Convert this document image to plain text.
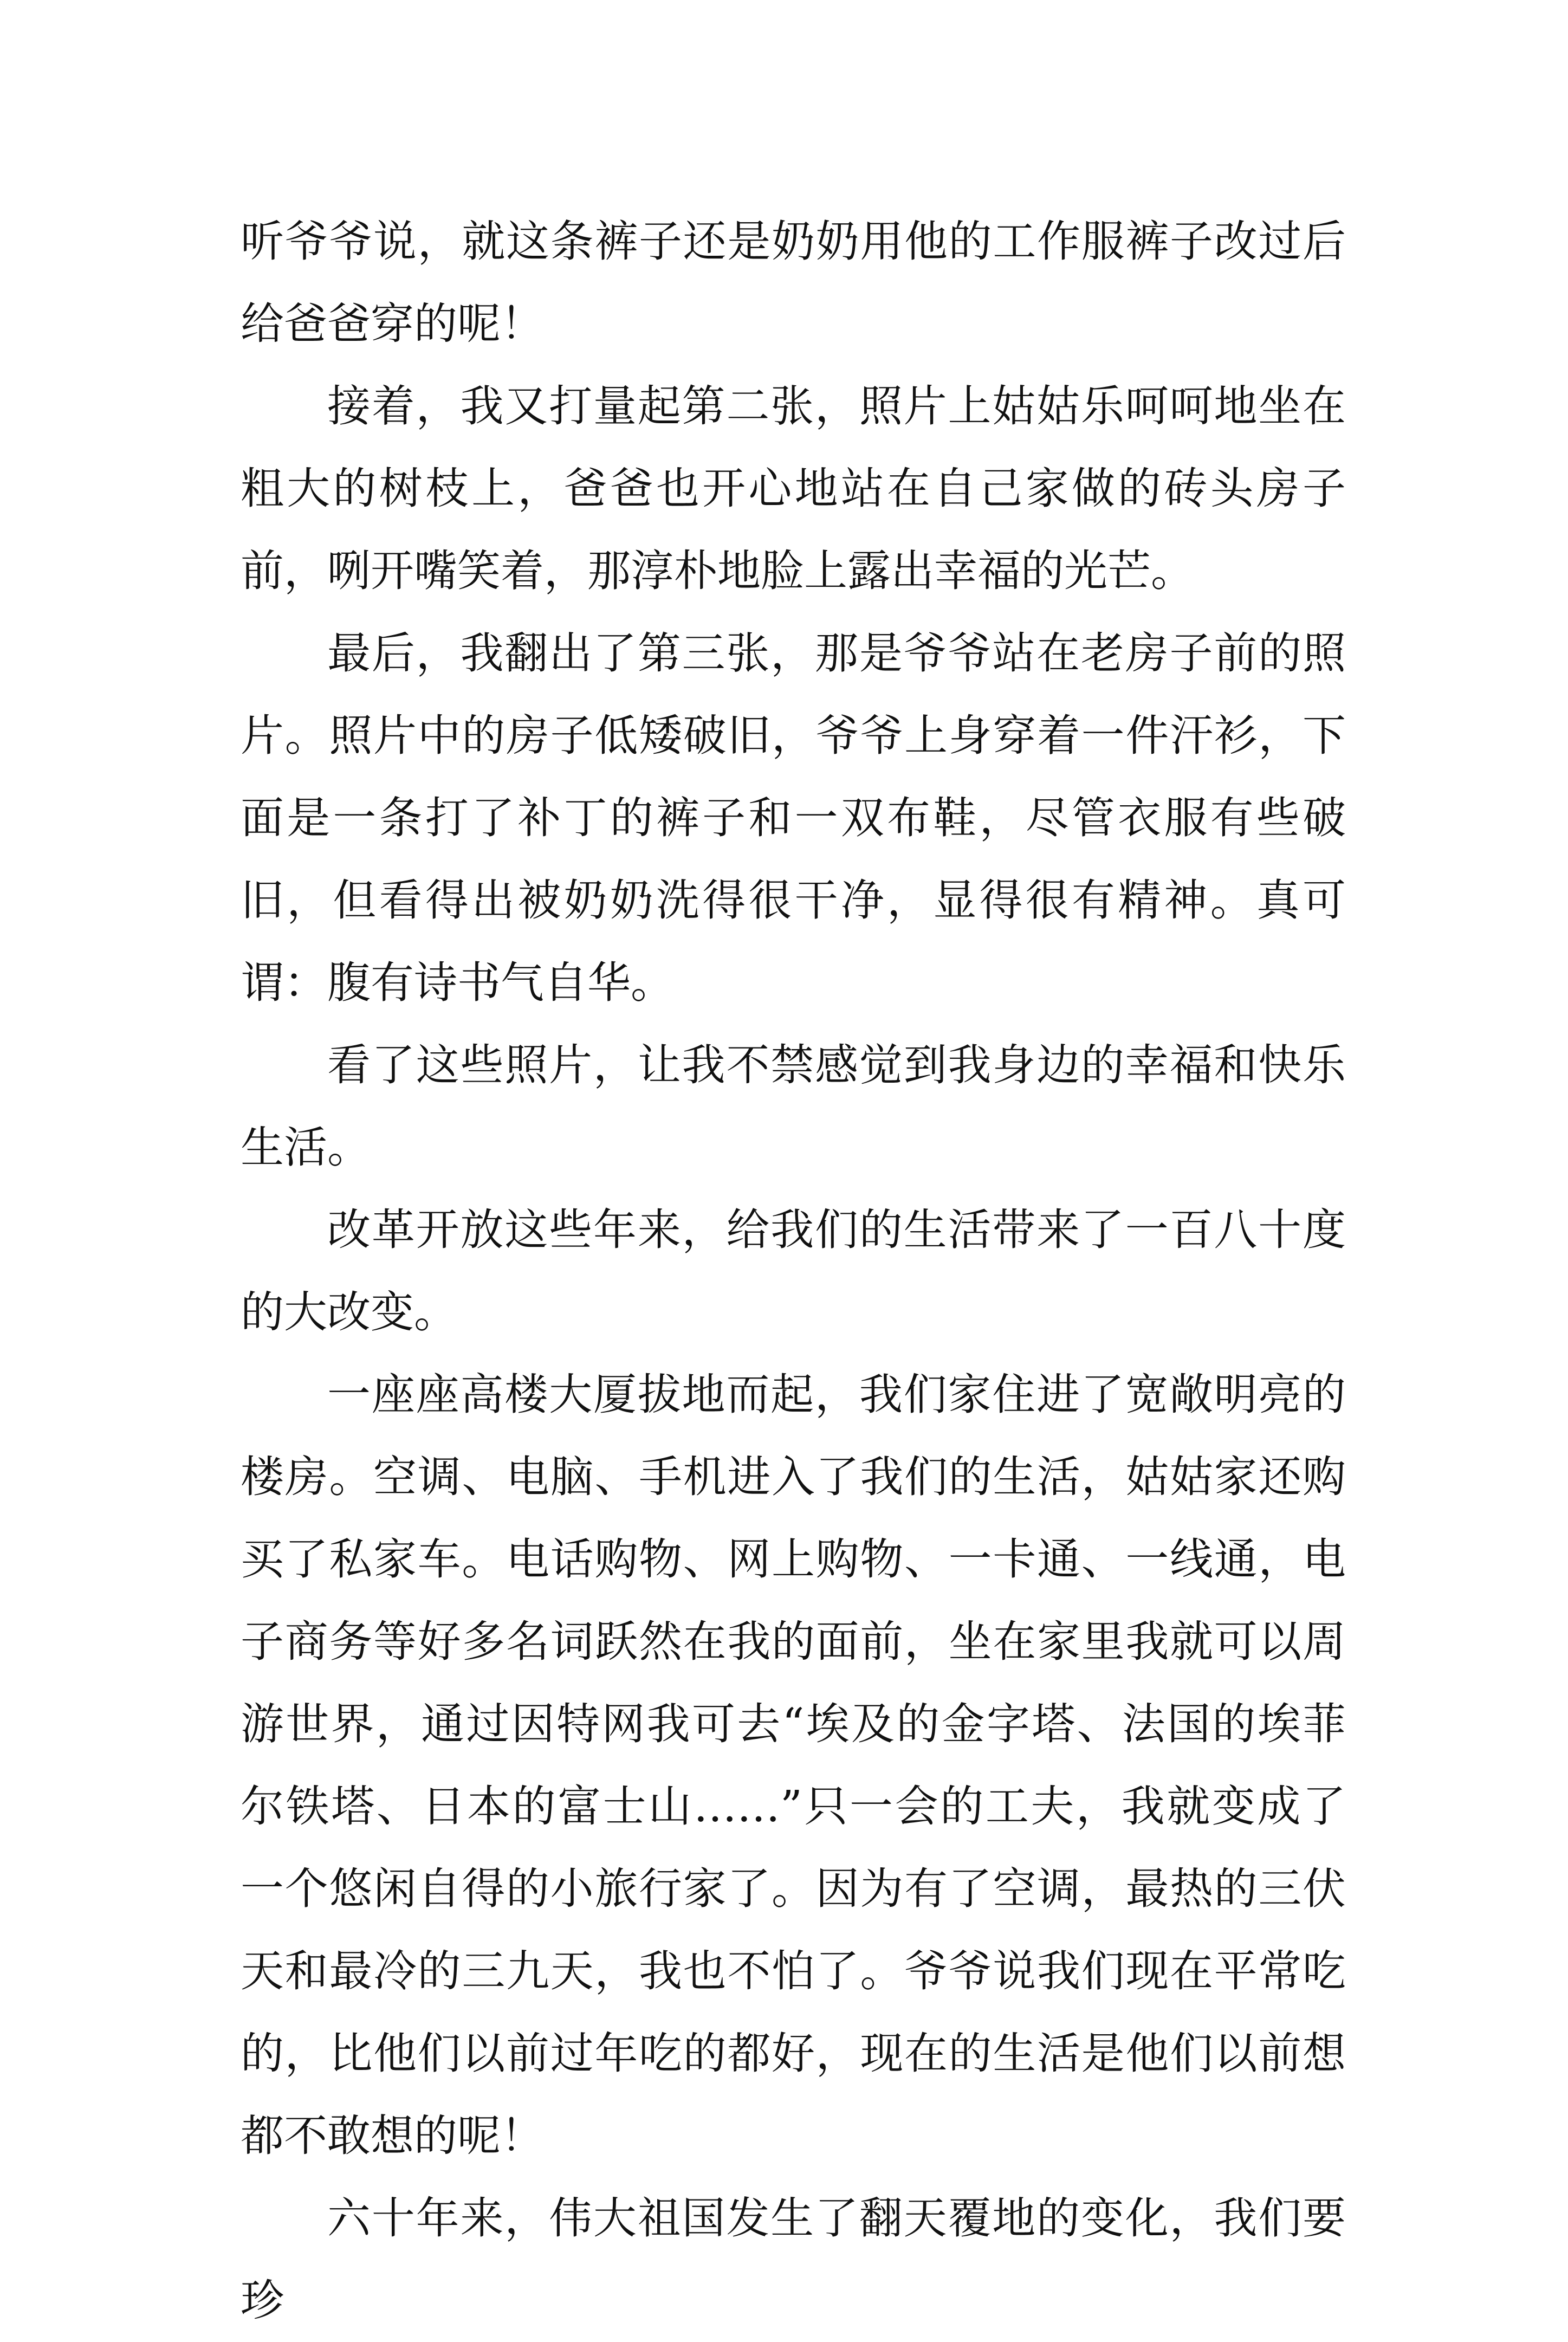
听爷爷说，就这条裤子还是奶奶用他的工作服裤子改过后给爸爸穿的呢！

接着，我又打量起第二张，照片上姑姑乐呵呵地坐在粗大的树枝上，爸爸也开心地站在自己家做的砖头房子前，咧开嘴笑着，那淳朴地脸上露出幸福的光芒。

最后，我翻出了第三张，那是爷爷站在老房子前的照片。照片中的房子低矮破旧，爷爷上身穿着一件汗衫，下面是一条打了补丁的裤子和一双布鞋，尽管衣服有些破旧，但看得出被奶奶洗得很干净，显得很有精神。真可谓：腹有诗书气自华。

看了这些照片，让我不禁感觉到我身边的幸福和快乐生活。

改革开放这些年来，给我们的生活带来了一百八十度的大改变。

一座座高楼大厦拔地而起，我们家住进了宽敞明亮的楼房。空调、电脑、手机进入了我们的生活，姑姑家还购买了私家车。电话购物、网上购物、一卡通、一线通，电子商务等好多名词跃然在我的面前，坐在家里我就可以周游世界，通过因特网我可去“埃及的金字塔、法国的埃菲尔铁塔、日本的富士山……”只一会的工夫，我就变成了一个悠闲自得的小旅行家了。因为有了空调，最热的三伏天和最冷的三九天，我也不怕了。爷爷说我们现在平常吃的，比他们以前过年吃的都好，现在的生活是他们以前想都不敢想的呢！

六十年来，伟大祖国发生了翻天覆地的变化，我们要珍
